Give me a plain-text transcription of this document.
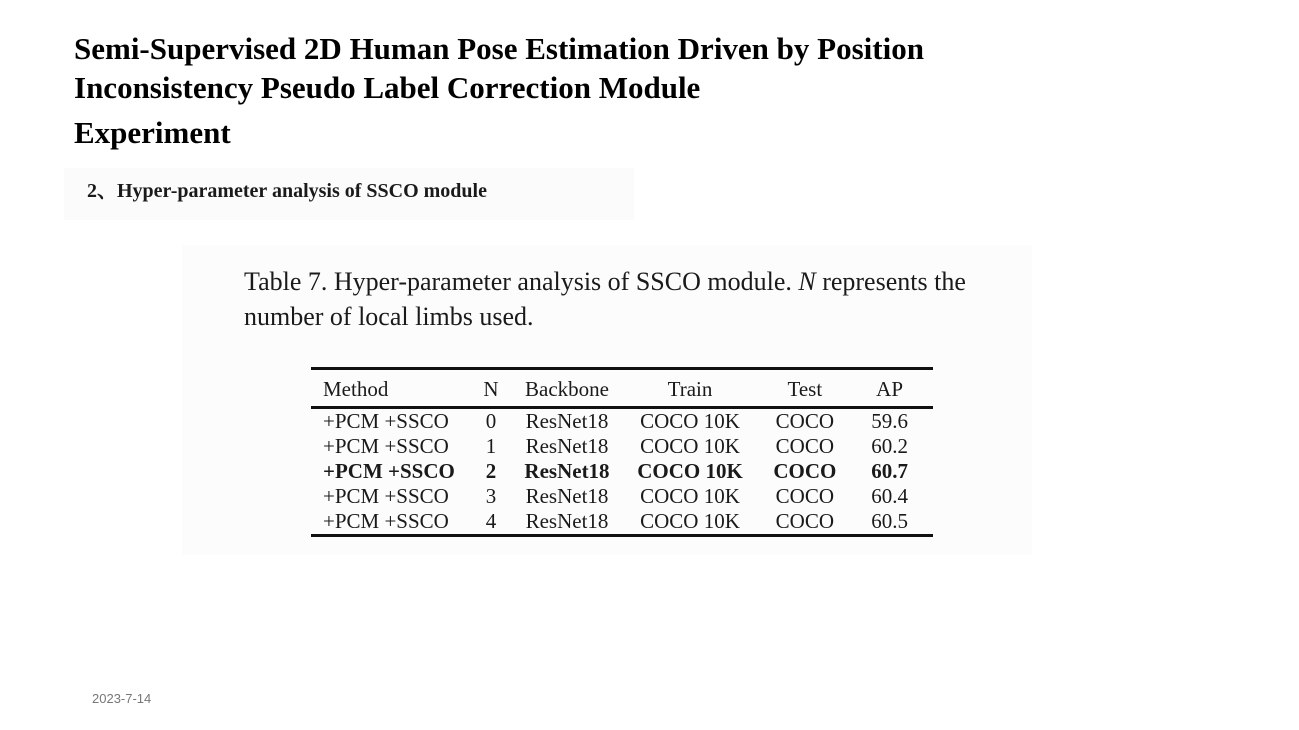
Semi-Supervised 2D Human Pose Estimation Driven by Position
Inconsistency Pseudo Label Correction Module
Experiment
2、Hyper-parameter analysis of SSCO module

Table 7. Hyper-parameter analysis of SSCO module. N represents the number of local limbs used.

Method	N	Backbone	Train	Test	AP
+PCM +SSCO	0	ResNet18	COCO 10K	COCO	59.6
+PCM +SSCO	1	ResNet18	COCO 10K	COCO	60.2
+PCM +SSCO	2	ResNet18	COCO 10K	COCO	60.7
+PCM +SSCO	3	ResNet18	COCO 10K	COCO	60.4
+PCM +SSCO	4	ResNet18	COCO 10K	COCO	60.5
2023-7-14
